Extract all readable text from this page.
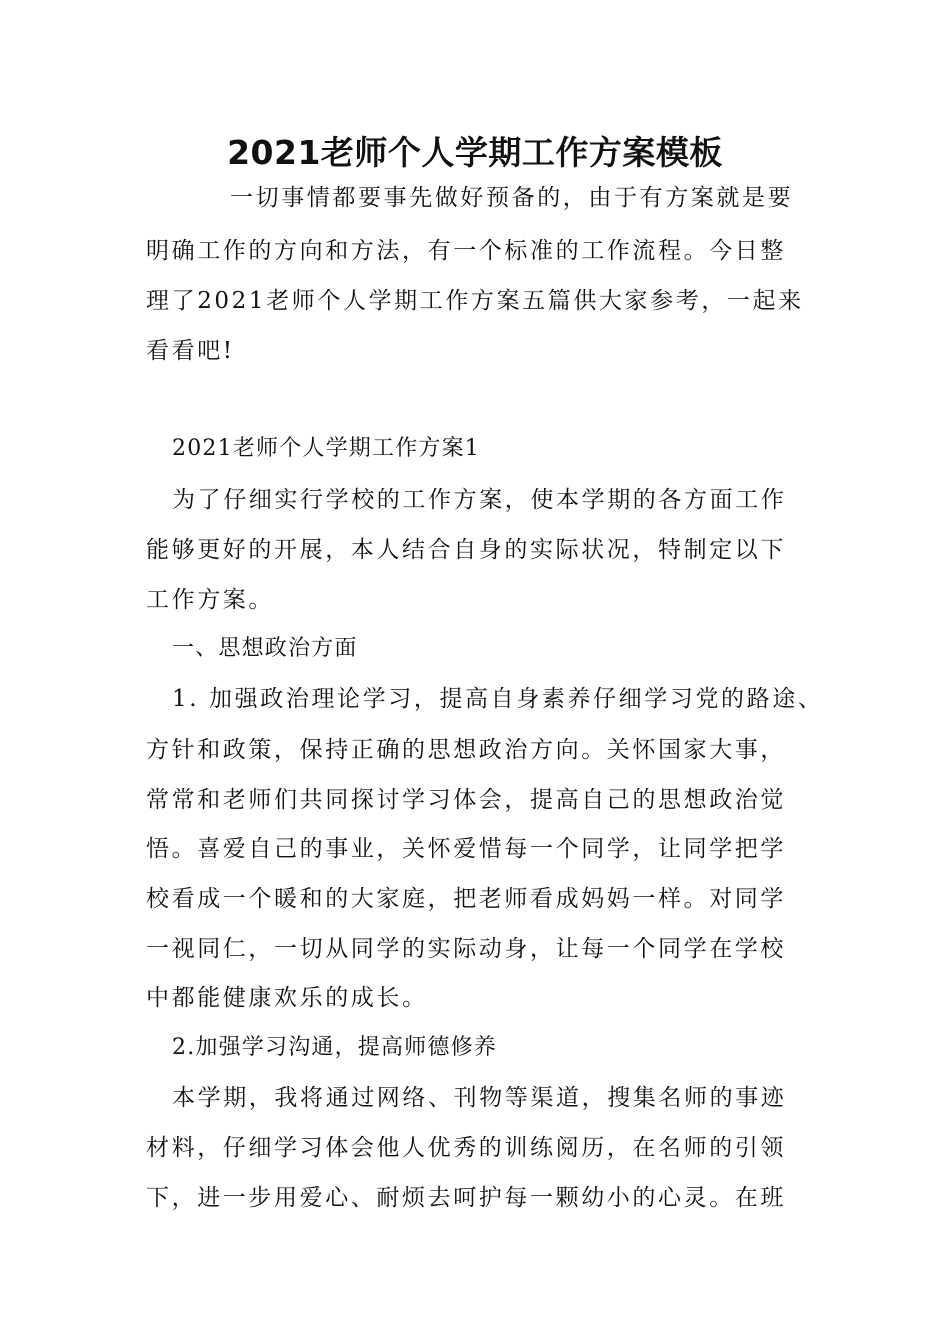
2021老师个人学期工作方案模板
一切事情都要事先做好预备的，由于有方案就是要
明确工作的方向和方法，有一个标准的工作流程。今日整
理了2021老师个人学期工作方案五篇供大家参考，一起来
看看吧!
2021老师个人学期工作方案1
为了仔细实行学校的工作方案，使本学期的各方面工作
能够更好的开展，本人结合自身的实际状况，特制定以下
工作方案。
一、思想政治方面
1. 加强政治理论学习，提高自身素养仔细学习党的路途、
方针和政策，保持正确的思想政治方向。关怀国家大事，
常常和老师们共同探讨学习体会，提高自己的思想政治觉
悟。喜爱自己的事业，关怀爱惜每一个同学，让同学把学
校看成一个暖和的大家庭，把老师看成妈妈一样。对同学
一视同仁，一切从同学的实际动身，让每一个同学在学校
中都能健康欢乐的成长。
2.加强学习沟通，提高师德修养
本学期，我将通过网络、刊物等渠道，搜集名师的事迹
材料，仔细学习体会他人优秀的训练阅历，在名师的引领
下，进一步用爱心、耐烦去呵护每一颗幼小的心灵。在班
